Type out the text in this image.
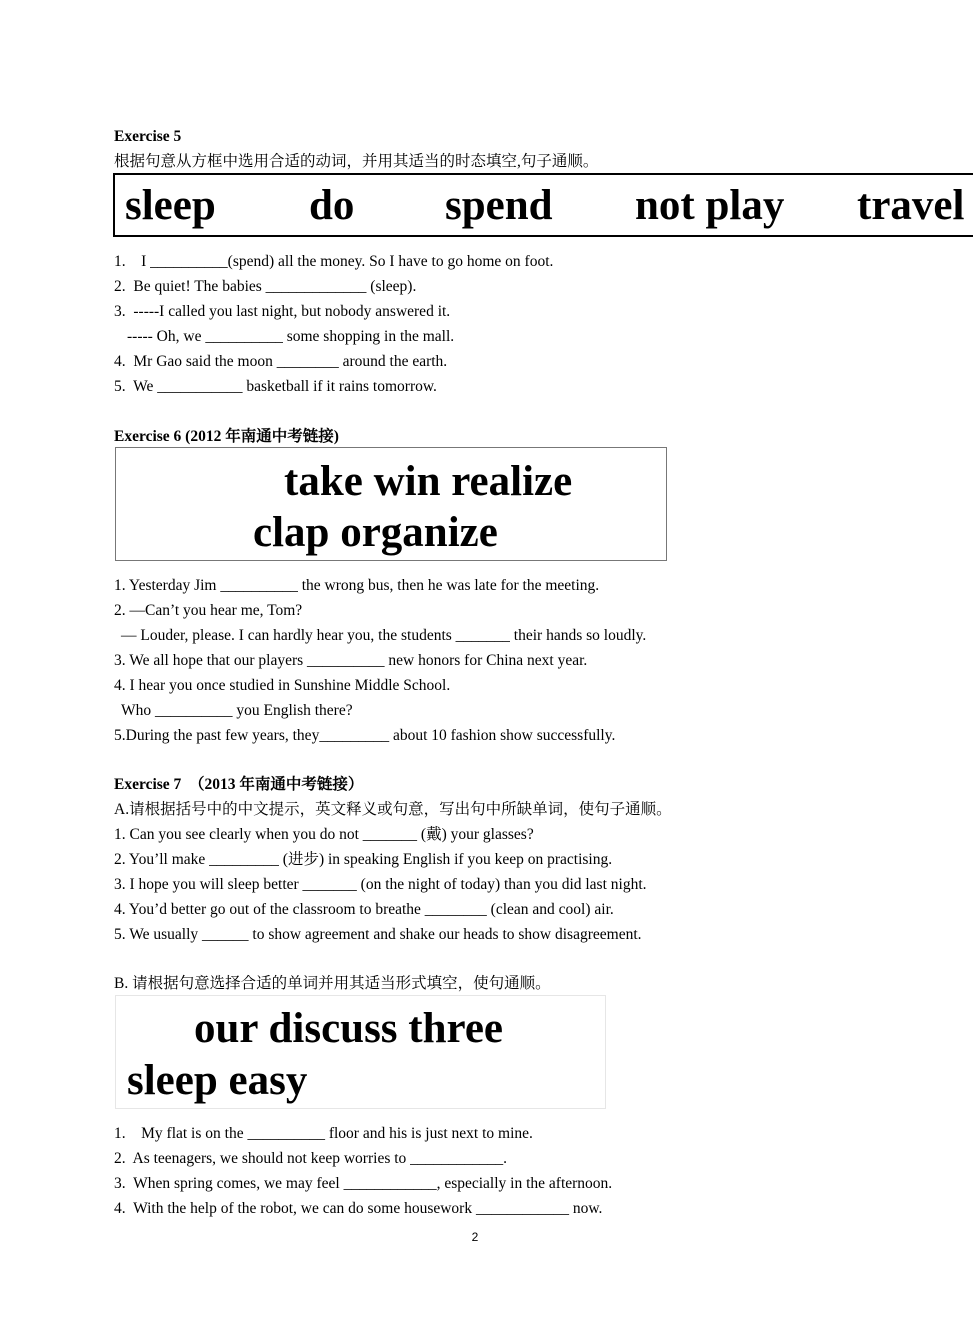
Exercise 5
根据句意从方框中选用合适的动词，并用其适当的时态填空,句子通顺。
sleep do spend not play travel
1.    I __________(spend) all the money. So I have to go home on foot.
2.  Be quiet! The babies _____________ (sleep).
3.  -----I called you last night, but nobody answered it.
----- Oh, we __________ some shopping in the mall.
4.  Mr Gao said the moon ________ around the earth.
5.  We ___________ basketball if it rains tomorrow.
Exercise 6 (2012 年南通中考链接)
take win realize
clap organize
1. Yesterday Jim __________ the wrong bus, then he was late for the meeting.
2. —Can’t you hear me, Tom?
— Louder, please. I can hardly hear you, the students _______ their hands so loudly.
3. We all hope that our players __________ new honors for China next year.
4. I hear you once studied in Sunshine Middle School.
Who __________ you English there?
5.During the past few years, they_________ about 10 fashion show successfully.
Exercise 7  （2013 年南通中考链接）
A.请根据括号中的中文提示，英文释义或句意，写出句中所缺单词，使句子通顺。
1. Can you see clearly when you do not _______ (戴) your glasses?
2. You’ll make _________ (进步) in speaking English if you keep on practising.
3. I hope you will sleep better _______ (on the night of today) than you did last night.
4. You’d better go out of the classroom to breathe ________ (clean and cool) air.
5. We usually ______ to show agreement and shake our heads to show disagreement.
B. 请根据句意选择合适的单词并用其适当形式填空，使句通顺。
our discuss three
sleep easy
1.    My flat is on the __________ floor and his is just next to mine.
2.  As teenagers, we should not keep worries to ____________.
3.  When spring comes, we may feel ____________, especially in the afternoon.
4.  With the help of the robot, we can do some housework ____________ now.
2
